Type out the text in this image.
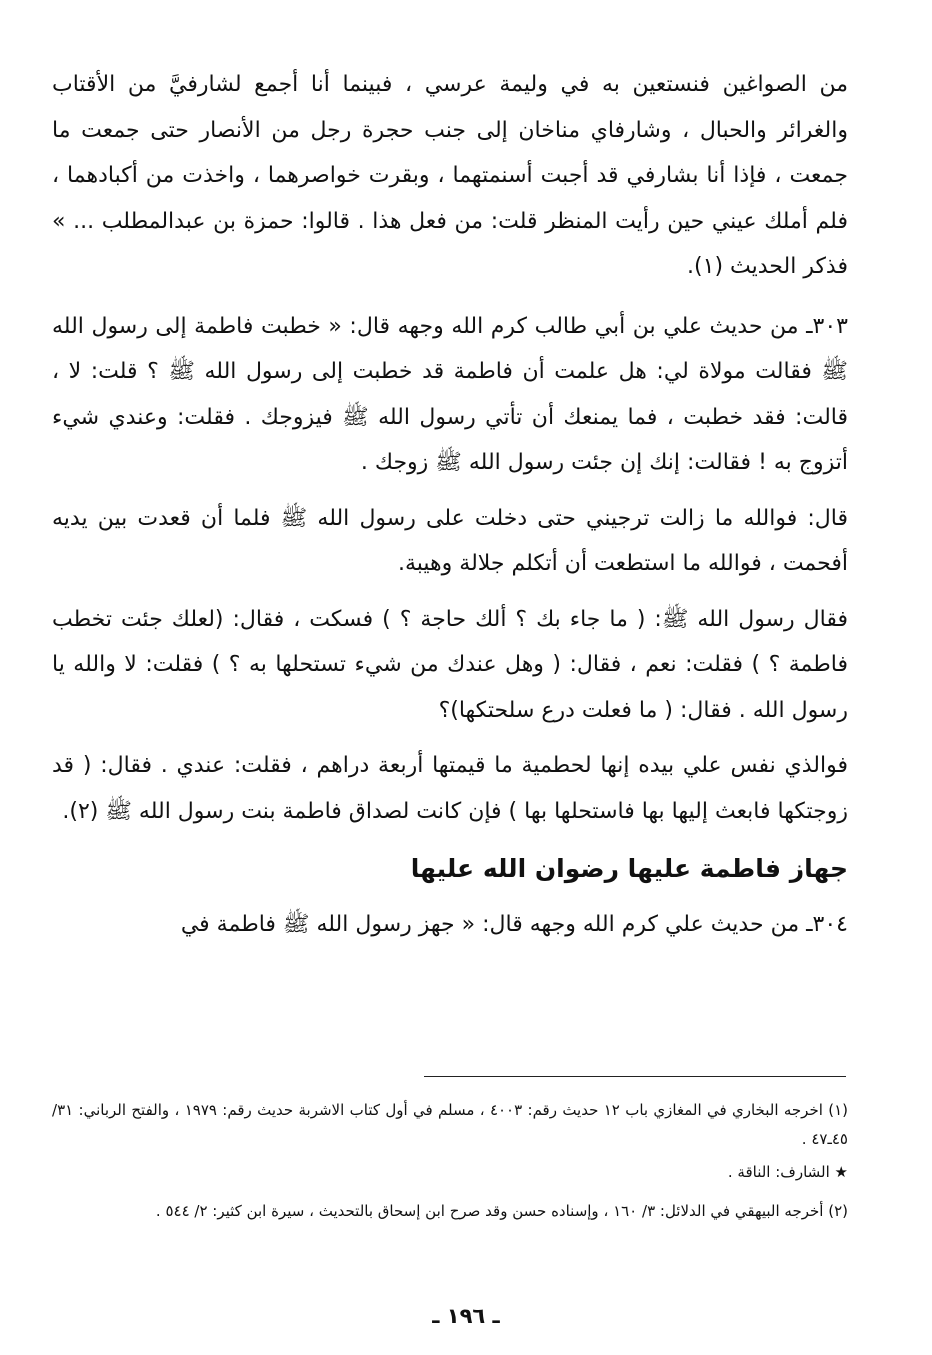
من الصواغين فنستعين به في وليمة عرسي ، فبينما أنا أجمع لشارفيَّ من الأقتاب والغرائر والحبال ، وشارفاي مناخان إلى جنب حجرة رجل من الأنصار حتى جمعت ما جمعت ، فإذا أنا بشارفي قد أجبت أسنمتهما ، وبقرت خواصرهما ، واخذت من أكبادهما ، فلم أملك عيني حين رأيت المنظر قلت: من فعل هذا . قالوا: حمزة بن عبدالمطلب ... » فذكر الحديث (١).

٣٠٣ـ من حديث علي بن أبي طالب كرم الله وجهه قال: « خطبت فاطمة إلى رسول الله ﷺ فقالت مولاة لي: هل علمت أن فاطمة قد خطبت إلى رسول الله ﷺ ؟ قلت: لا ، قالت: فقد خطبت ، فما يمنعك أن تأتي رسول الله ﷺ فيزوجك . فقلت: وعندي شيء أتزوج به ! فقالت: إنك إن جئت رسول الله ﷺ زوجك .

قال: فوالله ما زالت ترجيني حتى دخلت على رسول الله ﷺ فلما أن قعدت بين يديه أفحمت ، فوالله ما استطعت أن أتكلم جلالة وهيبة.

فقال رسول الله ﷺ: ( ما جاء بك ؟ ألك حاجة ؟ ) فسكت ، فقال: (لعلك جئت تخطب فاطمة ؟ ) فقلت: نعم ، فقال: ( وهل عندك من شيء تستحلها به ؟ ) فقلت: لا والله يا رسول الله . فقال: ( ما فعلت درع سلحتكها)؟

فوالذي نفس علي بيده إنها لحطمية ما قيمتها أربعة دراهم ، فقلت: عندي . فقال: ( قد زوجتكها فابعث إليها بها فاستحلها بها ) فإن كانت لصداق فاطمة بنت رسول الله ﷺ (٢).

جهاز فاطمة عليها رضوان الله عليها

٣٠٤ـ من حديث علي كرم الله وجهه قال: « جهز رسول الله ﷺ فاطمة في

(١) اخرجه البخاري في المغازي باب ١٢ حديث رقم: ٤٠٠٣ ، مسلم في أول كتاب الاشربة حديث رقم: ١٩٧٩ ، والفتح الرباني: ٣١/ ٤٥ـ٤٧ .

★ الشارف: الناقة .

(٢) أخرجه البيهقي في الدلائل: ٣/ ١٦٠ ، وإسناده حسن وقد صرح ابن إسحاق بالتحديث ، سيرة ابن كثير: ٢/ ٥٤٤ .

ـ ١٩٦ ـ
